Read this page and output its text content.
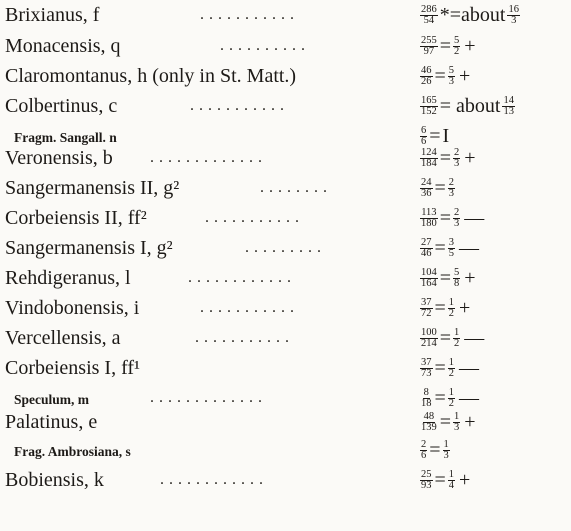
Brixianus, f	...........	$\frac{286}{54}$ * =about $\frac{16}{3}$
Monacensis, q	..........	$\frac{255}{97} = \frac{5}{2}$ +
Claromontanus, h (only in St. Matt.)	$\frac{46}{26} = \frac{5}{3}$ +
Colbertinus, c	...........	$\frac{165}{152}$ = about $\frac{14}{13}$
Fragm. Sangall. n	$\frac{6}{6} = I$
Veronensis, b .............	$\frac{124}{184} = \frac{2}{3}$ +
Sangermanensis II, g²	........	$\frac{24}{36} = \frac{2}{3}$
Corbeiensis II, ff²	...........	$\frac{113}{180} = \frac{2}{3}$ —
Sangermanensis I, g²	.........	$\frac{27}{46} = \frac{3}{5}$ —
Rehdigeranus, l	............	$\frac{104}{164} = \frac{5}{8}$ +
Vindobonensis, i	...........	$\frac{37}{72} = \frac{1}{2}$ +
Vercellensis, a	...........	$\frac{100}{214} = \frac{1}{2}$ —
Corbeiensis I, ff¹	$\frac{37}{73} = \frac{1}{2}$ —
Speculum, m	.............	$\frac{8}{18} = \frac{1}{2}$ —
Palatinus, e	$\frac{48}{139} = \frac{1}{3}$ +
Frag. Ambrosiana, s	$\frac{2}{6} = \frac{1}{3}$
Bobiensis, k	............	$\frac{25}{93} = \frac{1}{4}$ +
